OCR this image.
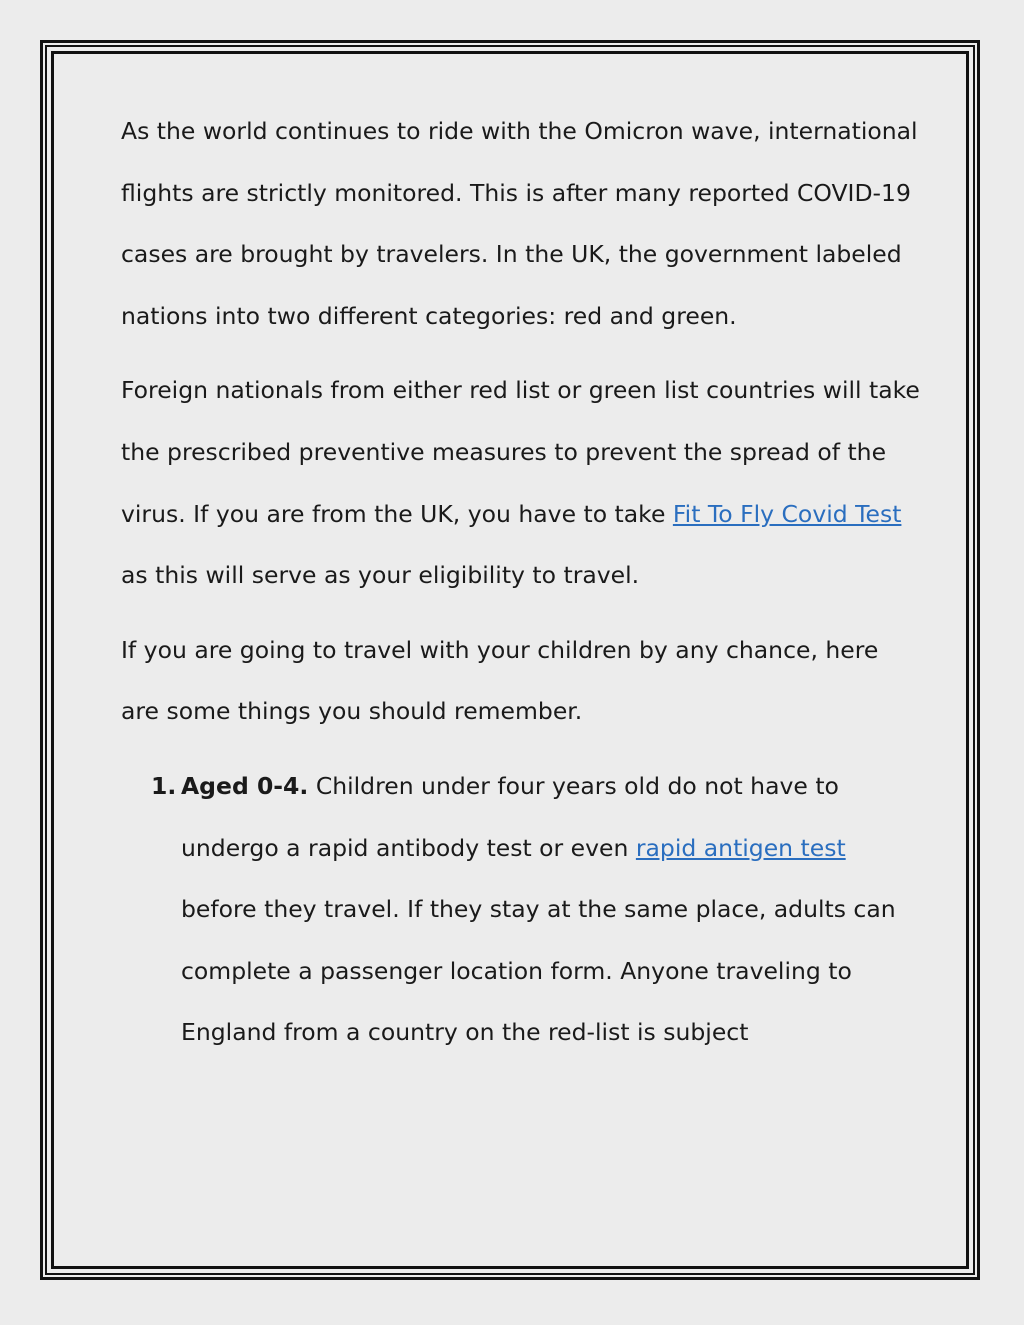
As the world continues to ride with the Omicron wave, international flights are strictly monitored. This is after many reported COVID-19 cases are brought by travelers. In the UK, the government labeled nations into two different categories: red and green.

Foreign nationals from either red list or green list countries will take the prescribed preventive measures to prevent the spread of the virus. If you are from the UK, you have to take Fit To Fly Covid Test as this will serve as your eligibility to travel.

If you are going to travel with your children by any chance, here are some things you should remember.

1. Aged 0-4. Children under four years old do not have to undergo a rapid antibody test or even rapid antigen test before they travel. If they stay at the same place, adults can complete a passenger location form. Anyone traveling to England from a country on the red-list is subject
